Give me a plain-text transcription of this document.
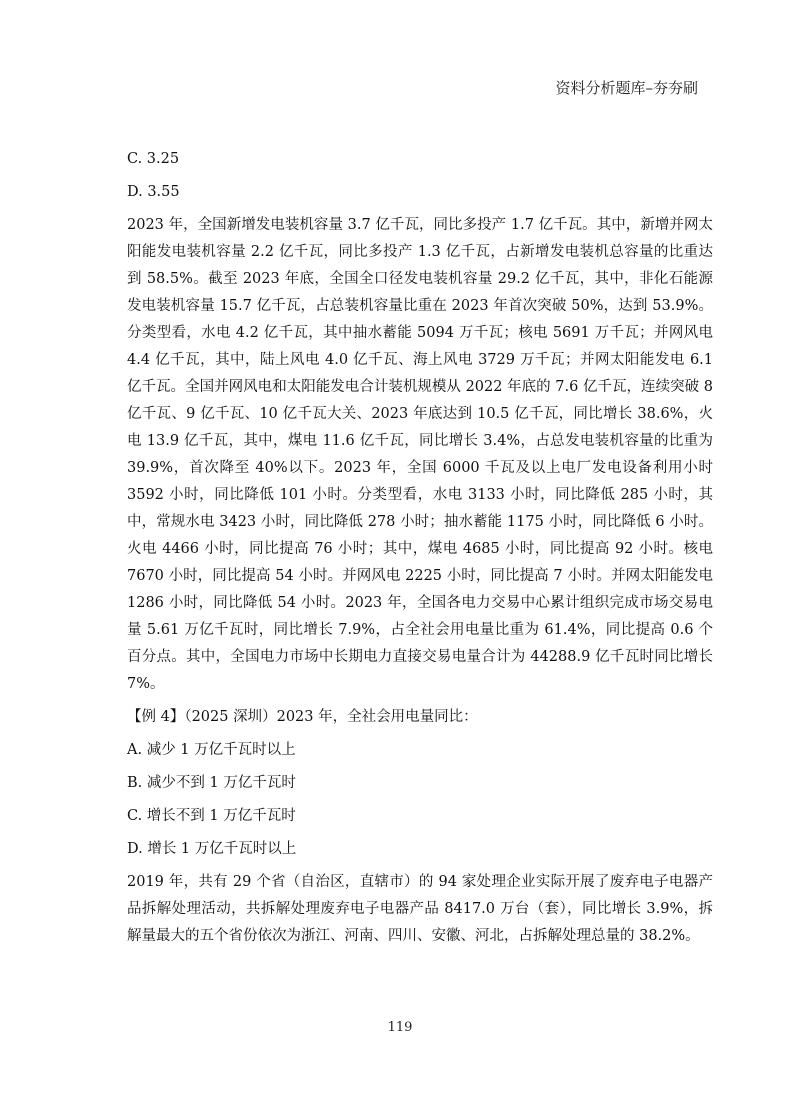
资料分析题库–夯夯刷

C. 3.25

D. 3.55

2023 年，全国新增发电装机容量 3.7 亿千瓦，同比多投产 1.7 亿千瓦。其中，新增并网太阳能发电装机容量 2.2 亿千瓦，同比多投产 1.3 亿千瓦，占新增发电装机总容量的比重达到 58.5%。截至 2023 年底，全国全口径发电装机容量 29.2 亿千瓦，其中，非化石能源发电装机容量 15.7 亿千瓦，占总装机容量比重在 2023 年首次突破 50%，达到 53.9%。分类型看，水电 4.2 亿千瓦，其中抽水蓄能 5094 万千瓦；核电 5691 万千瓦；并网风电 4.4 亿千瓦，其中，陆上风电 4.0 亿千瓦、海上风电 3729 万千瓦；并网太阳能发电 6.1 亿千瓦。全国并网风电和太阳能发电合计装机规模从 2022 年底的 7.6 亿千瓦，连续突破 8 亿千瓦、9 亿千瓦、10 亿千瓦大关、2023 年底达到 10.5 亿千瓦，同比增长 38.6%，火电 13.9 亿千瓦，其中，煤电 11.6 亿千瓦，同比增长 3.4%，占总发电装机容量的比重为 39.9%，首次降至 40%以下。2023 年，全国 6000 千瓦及以上电厂发电设备利用小时 3592 小时，同比降低 101 小时。分类型看，水电 3133 小时，同比降低 285 小时，其中，常规水电 3423 小时，同比降低 278 小时；抽水蓄能 1175 小时，同比降低 6 小时。火电 4466 小时，同比提高 76 小时；其中，煤电 4685 小时，同比提高 92 小时。核电 7670 小时，同比提高 54 小时。并网风电 2225 小时，同比提高 7 小时。并网太阳能发电 1286 小时，同比降低 54 小时。2023 年，全国各电力交易中心累计组织完成市场交易电量 5.61 万亿千瓦时，同比增长 7.9%，占全社会用电量比重为 61.4%，同比提高 0.6 个百分点。其中，全国电力市场中长期电力直接交易电量合计为 44288.9 亿千瓦时同比增长 7%。

【例 4】（2025 深圳）2023 年，全社会用电量同比：

A. 减少 1 万亿千瓦时以上

B. 减少不到 1 万亿千瓦时

C. 增长不到 1 万亿千瓦时

D. 增长 1 万亿千瓦时以上

2019 年，共有 29 个省（自治区，直辖市）的 94 家处理企业实际开展了废弃电子电器产品拆解处理活动，共拆解处理废弃电子电器产品 8417.0 万台（套），同比增长 3.9%，拆解量最大的五个省份依次为浙江、河南、四川、安徽、河北，占拆解处理总量的 38.2%。

119
